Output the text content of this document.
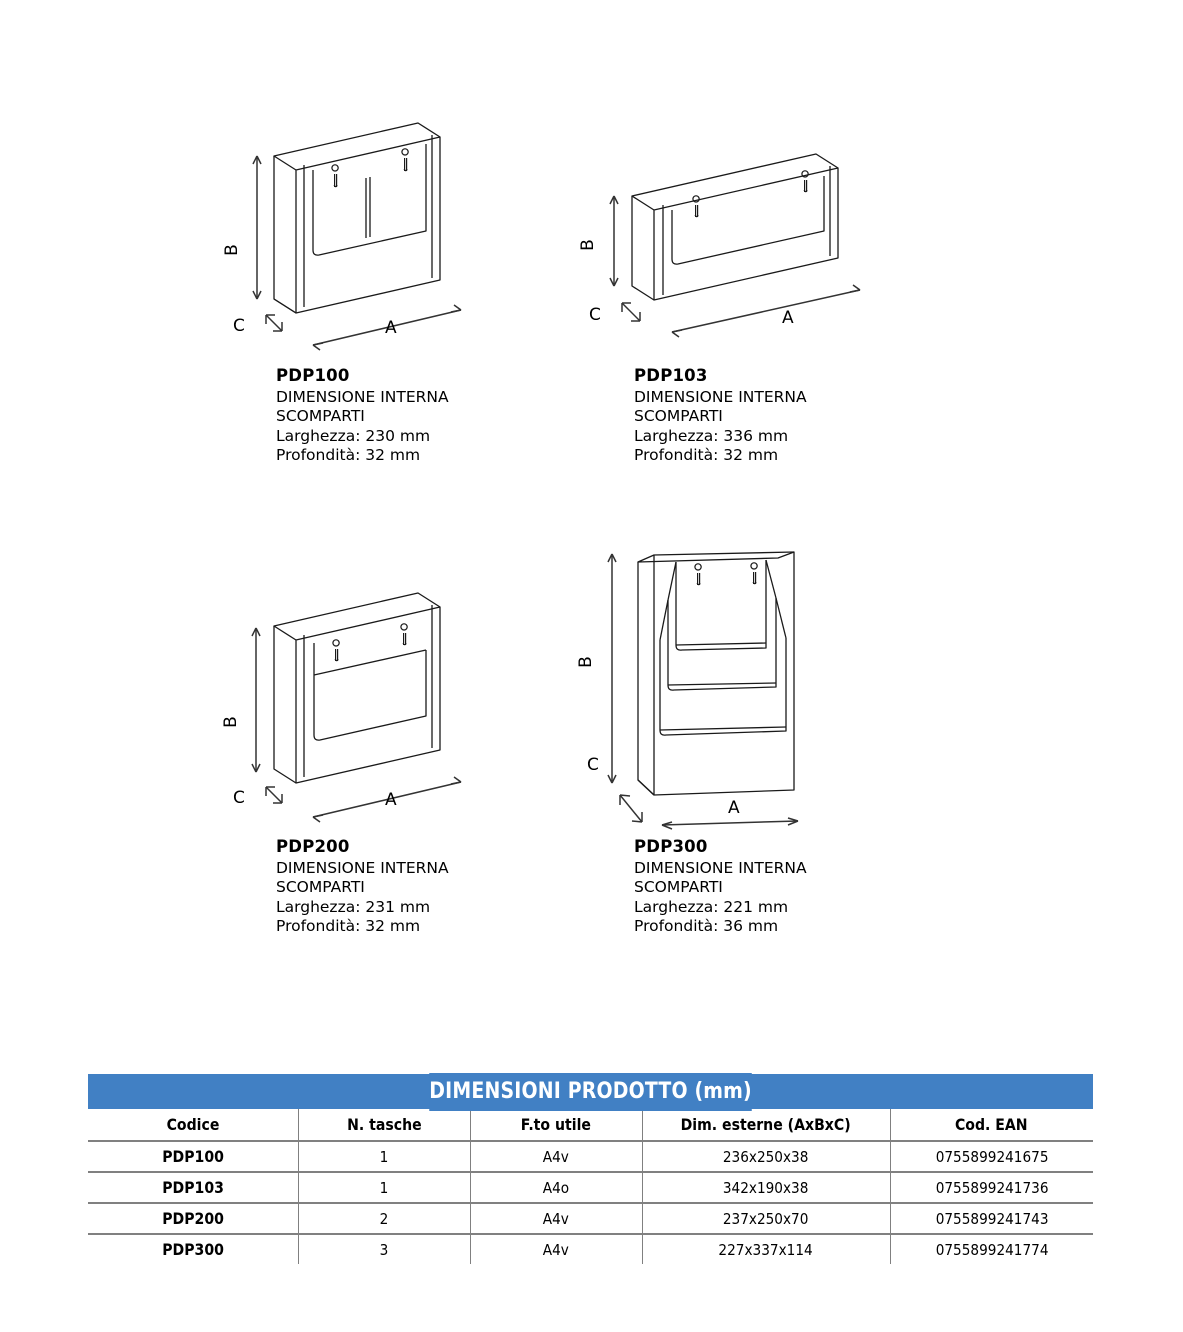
B
C	A
PDP100
DIMENSIONE INTERNA
SCOMPARTI
Larghezza: 230 mm
Profondità: 32 mm
B
C	A
PDP103
DIMENSIONE INTERNA
SCOMPARTI
Larghezza: 336 mm
Profondità: 32 mm
B
C	A
PDP200
DIMENSIONE INTERNA
SCOMPARTI
Larghezza: 231 mm
Profondità: 32 mm
B
C
A
PDP300
DIMENSIONE INTERNA
SCOMPARTI
Larghezza: 221 mm
Profondità: 36 mm
DIMENSIONI PRODOTTO (mm)
Codice	N. tasche	F.to utile	Dim. esterne (AxBxC)	Cod. EAN
PDP100	1	A4v	236x250x38	0755899241675
PDP103	1	A4o	342x190x38	0755899241736
PDP200	2	A4v	237x250x70	0755899241743
PDP300	3	A4v	227x337x114	0755899241774
